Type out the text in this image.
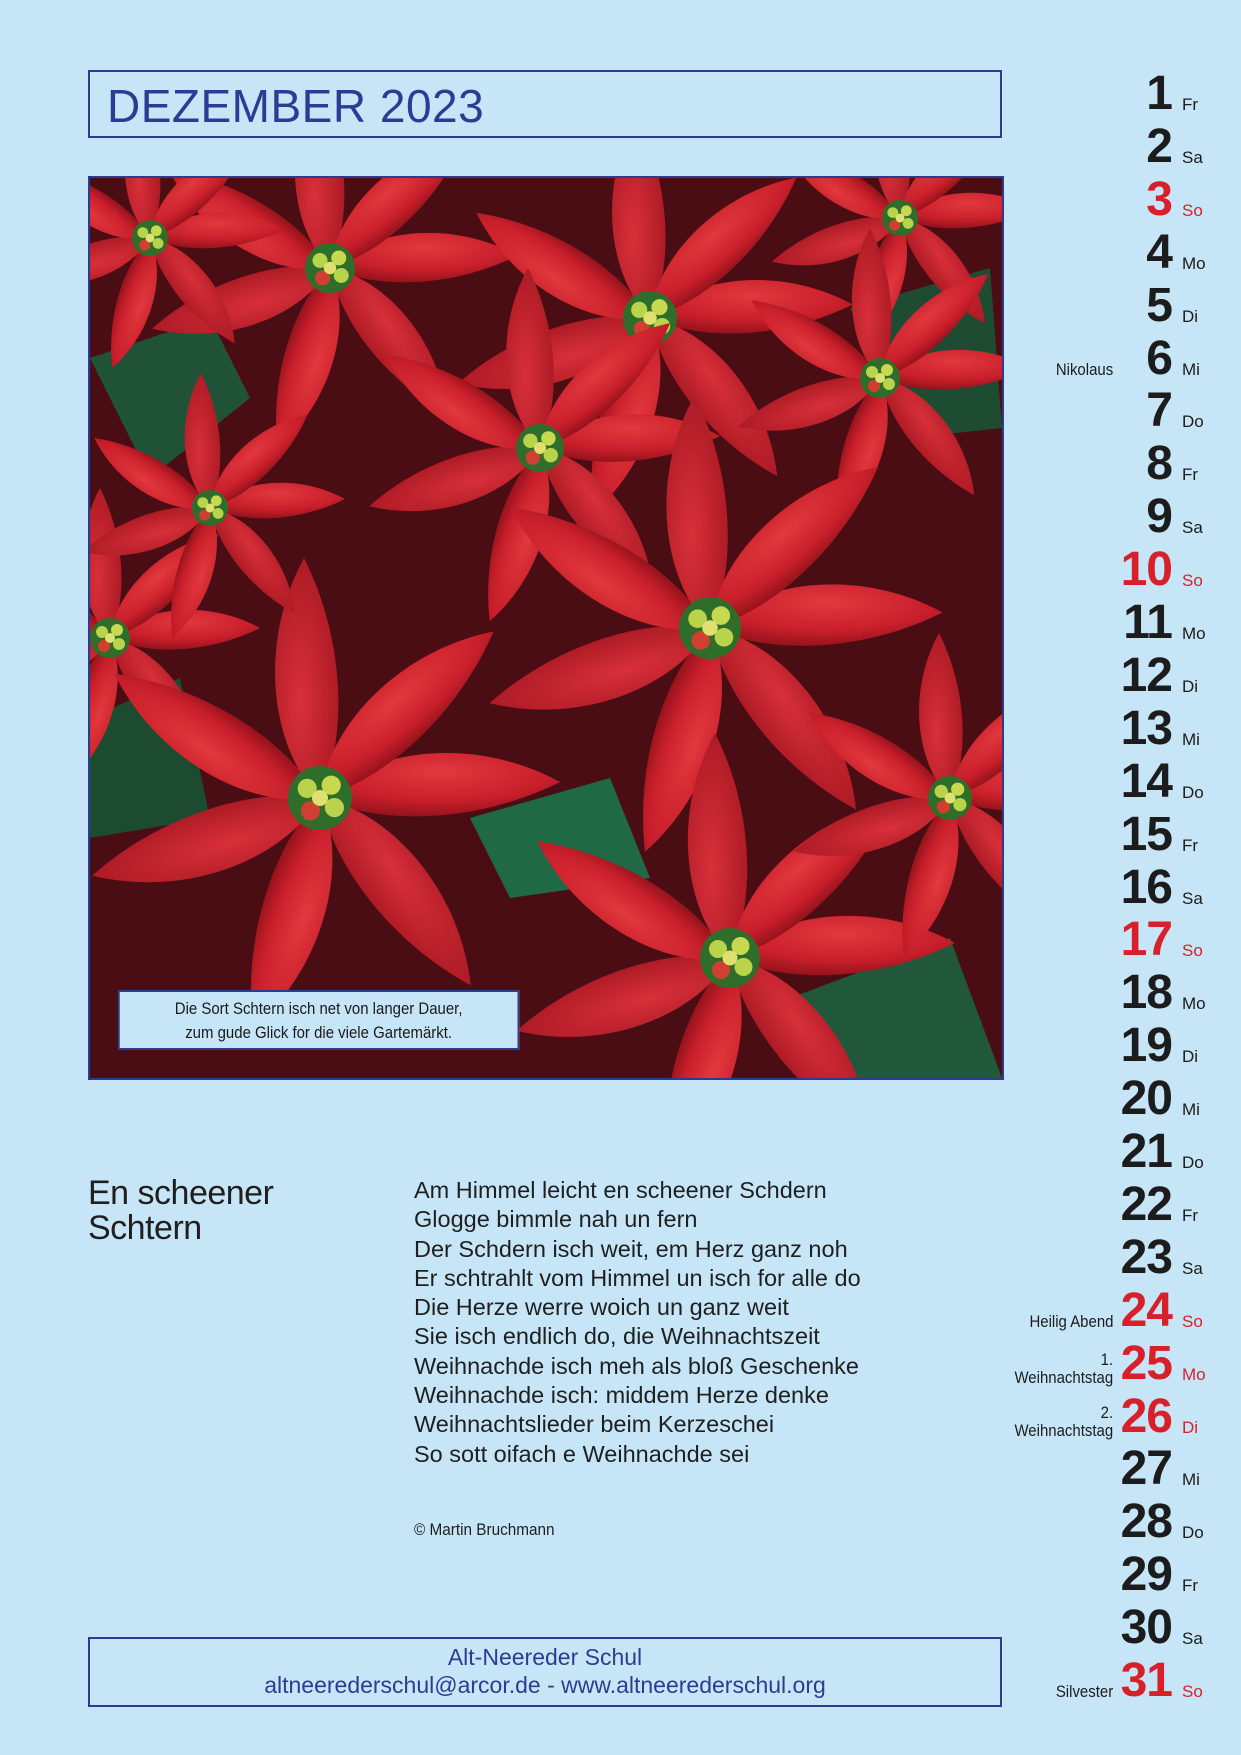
DEZEMBER 2023
Die Sort Schtern isch net von langer Dauer,
zum gude Glick for die viele Gartemärkt.
En scheener
Schtern
Am Himmel leicht en scheener Schdern
Glogge bimmle nah un fern
Der Schdern isch weit, em Herz ganz noh
Er schtrahlt vom Himmel un isch for alle do
Die Herze werre woich un ganz weit
Sie isch endlich do, die Weihnachtszeit
Weihnachde isch meh als bloß Geschenke
Weihnachde isch: middem Herze denke
Weihnachtslieder beim Kerzeschei
So sott oifach e Weihnachde sei
© Martin Bruchmann
Alt-Neereder Schul
altneerederschul@arcor.de - www.altneerederschul.org
1 Fr
2 Sa
3 So
4 Mo
5 Di
Nikolaus 6 Mi
7 Do
8 Fr
9 Sa
10 So
11 Mo
12 Di
13 Mi
14 Do
15 Fr
16 Sa
17 So
18 Mo
19 Di
20 Mi
21 Do
22 Fr
23 Sa
Heilig Abend 24 So
1.
Weihnachtstag 25 Mo
2.
Weihnachtstag 26 Di
27 Mi
28 Do
29 Fr
30 Sa
Silvester 31 So
